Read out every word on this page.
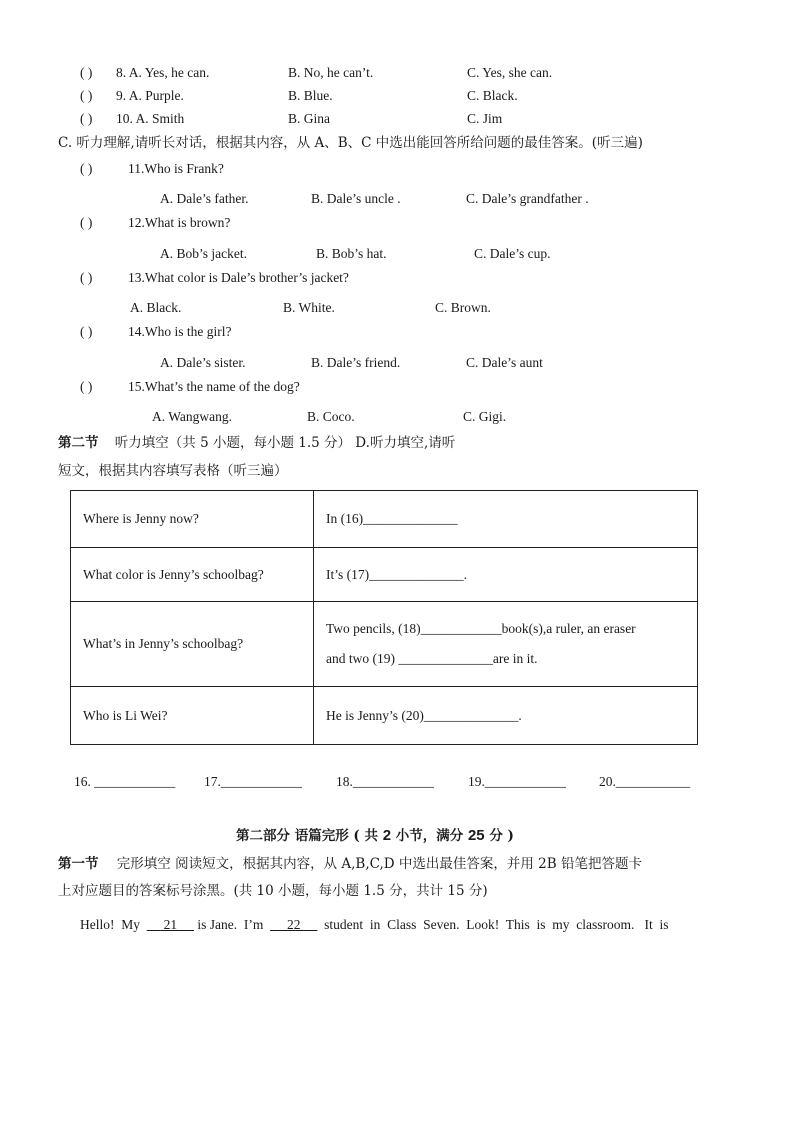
( ) 8. A. Yes, he can.	B. No, he can’t.	C. Yes, she can.
( ) 9. A. Purple.	B. Blue.	C. Black.
( ) 10. A. Smith	B. Gina	C. Jim
C. 听力理解,请听长对话，根据其内容，从 A、B、C 中选出能回答所给问题的最佳答案。(听三遍)
( )	11.Who is Frank?
A. Dale’s father.	B. Dale’s uncle .	C. Dale’s grandfather .
( )	12.What is brown?
A. Bob’s jacket.	B. Bob’s hat.	C. Dale’s cup.
( )	13.What color is Dale’s brother’s jacket?
A. Black.	B. White.	C. Brown.
( )	14.Who is the girl?
A. Dale’s sister.	B. Dale’s friend.	C. Dale’s aunt
( )	15.What’s the name of the dog?
A. Wangwang.	B. Coco.	C. Gigi.
第二节 听力填空（共 5 小题，每小题 1.5 分） D.听力填空,请听
短文，根据其内容填写表格（听三遍）
Where is Jenny now?	In (16)______________
What color is Jenny’s schoolbag?	It’s (17)______________.
What’s in Jenny’s schoolbag?	Two pencils, (18)____________book(s),a ruler, an eraser
and two (19) ______________are in it.

Who is Li Wei?	He is Jenny’s (20)______________.
16. ____________ 17.____________	18.____________	19.____________ 20.___________
第二部分 语篇完形 ( 共 2 小节，满分 25 分 )
第一节 完形填空 阅读短文，根据其内容，从 A,B,C,D 中选出最佳答案，并用 2B 铅笔把答题卡
上对应题目的答案标号涂黑。(共 10 小题，每小题 1.5 分，共计 15 分)
Hello!  My       21      is Jane.  I’m       22       student  in  Class  Seven.  Look!  This  is  my  classroom.   It  is
